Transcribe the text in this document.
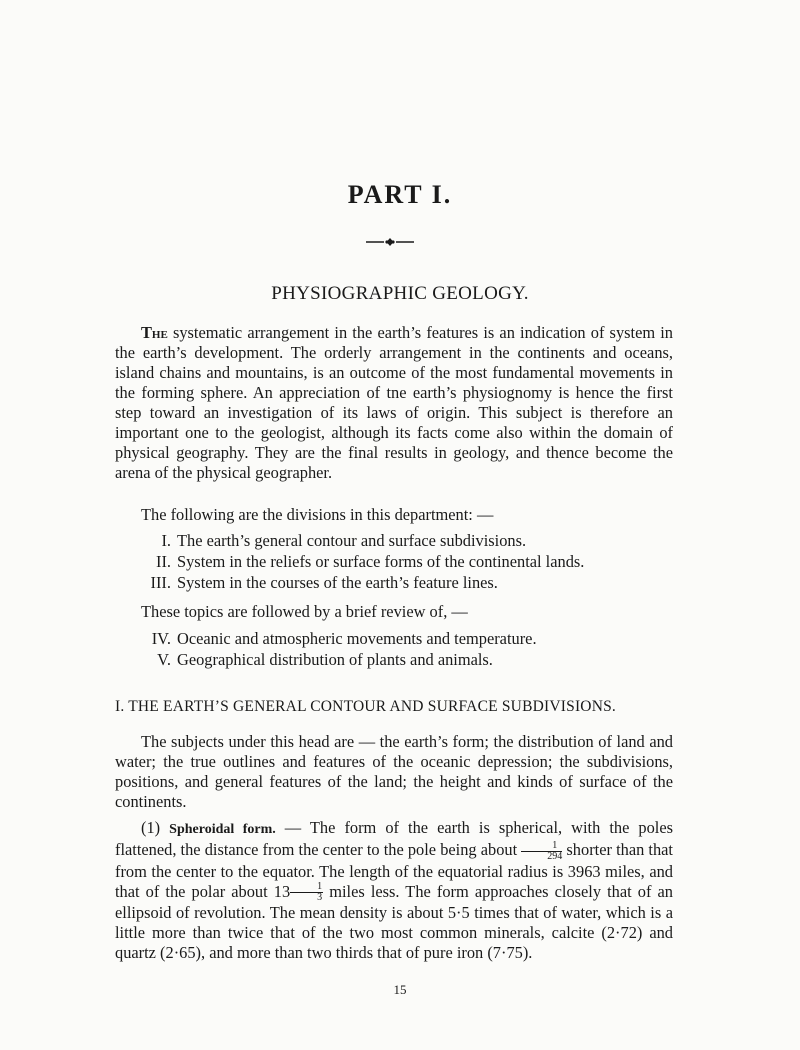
PART I.
PHYSIOGRAPHIC GEOLOGY.

The systematic arrangement in the earth’s features is an indication of system in the earth’s development. The orderly arrangement in the continents and oceans, island chains and mountains, is an outcome of the most fundamental movements in the forming sphere. An appreciation of tne earth’s physiognomy is hence the first step toward an investigation of its laws of origin. This subject is therefore an important one to the geologist, although its facts come also within the domain of physical geography. They are the final results in geology, and thence become the arena of the physical geographer.

The following are the divisions in this department: —
I. The earth’s general contour and surface subdivisions.
II. System in the reliefs or surface forms of the continental lands.
III. System in the courses of the earth’s feature lines.
These topics are followed by a brief review of, —
IV. Oceanic and atmospheric movements and temperature.
V. Geographical distribution of plants and animals.
I. THE EARTH’S GENERAL CONTOUR AND SURFACE SUBDIVISIONS.

The subjects under this head are — the earth’s form; the distribution of land and water; the true outlines and features of the oceanic depression; the subdivisions, positions, and general features of the land; the height and kinds of surface of the continents.

(1) Spheroidal form. — The form of the earth is spherical, with the poles flattened, the distance from the center to the pole being about $\frac{1}{294}$ shorter than that from the center to the equator. The length of the equatorial radius is 3963 miles, and that of the polar about $13 \frac{1}{3}$ miles less. The form approaches closely that of an ellipsoid of revolution. The mean density is about 5·5 times that of water, which is a little more than twice that of the two most common minerals, calcite (2·72) and quartz (2·65), and more than two thirds that of pure iron (7·75).

15
